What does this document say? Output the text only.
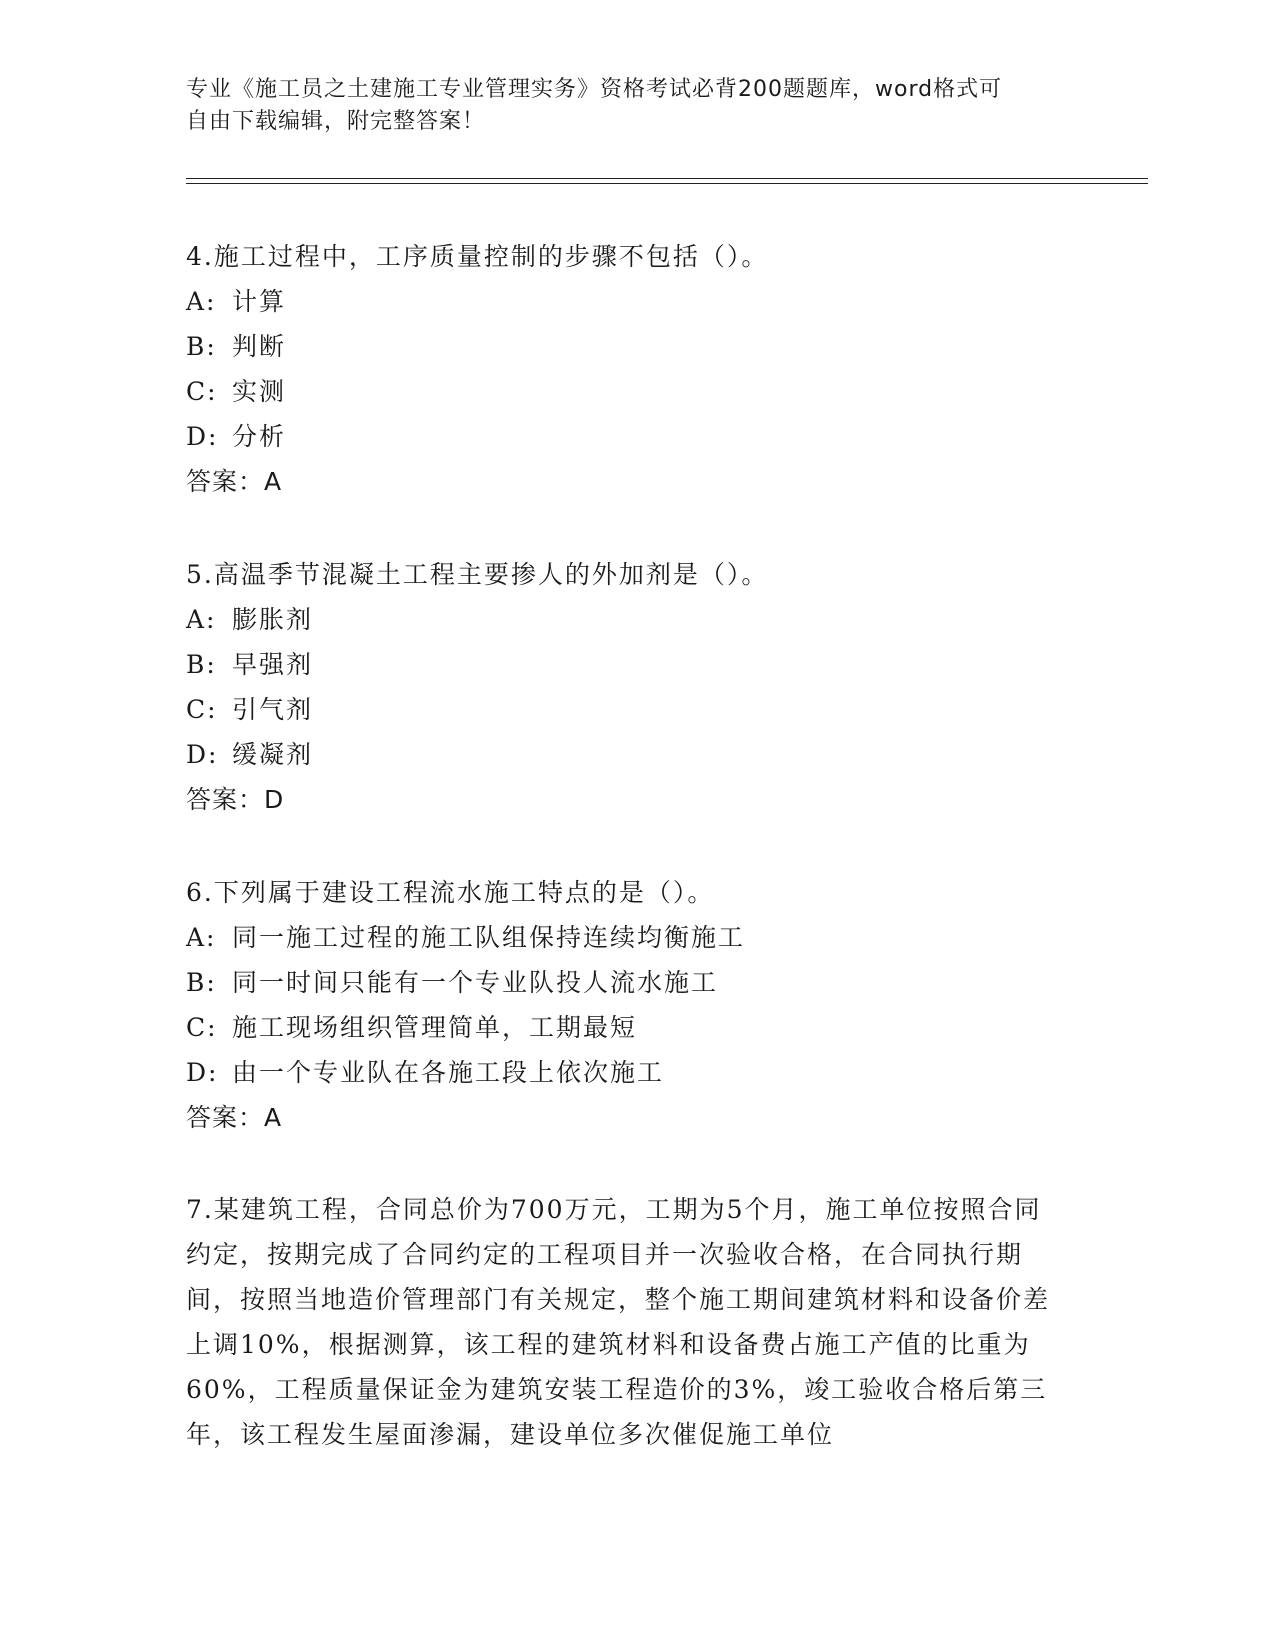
专业《施工员之土建施工专业管理实务》资格考试必背200题题库，word格式可
自由下载编辑，附完整答案！
4.施工过程中，工序质量控制的步骤不包括（）。
A: 计算
B: 判断
C: 实测
D: 分析
答案：A
5.高温季节混凝土工程主要掺人的外加剂是（）。
A: 膨胀剂
B: 早强剂
C: 引气剂
D: 缓凝剂
答案：D
6.下列属于建设工程流水施工特点的是（）。
A: 同一施工过程的施工队组保持连续均衡施工
B: 同一时间只能有一个专业队投人流水施工
C: 施工现场组织管理简单，工期最短
D: 由一个专业队在各施工段上依次施工
答案：A
7.某建筑工程，合同总价为700万元，工期为5个月，施工单位按照合同约定，按期完成了合同约定的工程项目并一次验收合格，在合同执行期间，按照当地造价管理部门有关规定，整个施工期间建筑材料和设备价差上调10%，根据测算，该工程的建筑材料和设备费占施工产值的比重为60%，工程质量保证金为建筑安装工程造价的3%，竣工验收合格后第三年，该工程发生屋面渗漏，建设单位多次催促施工单位
